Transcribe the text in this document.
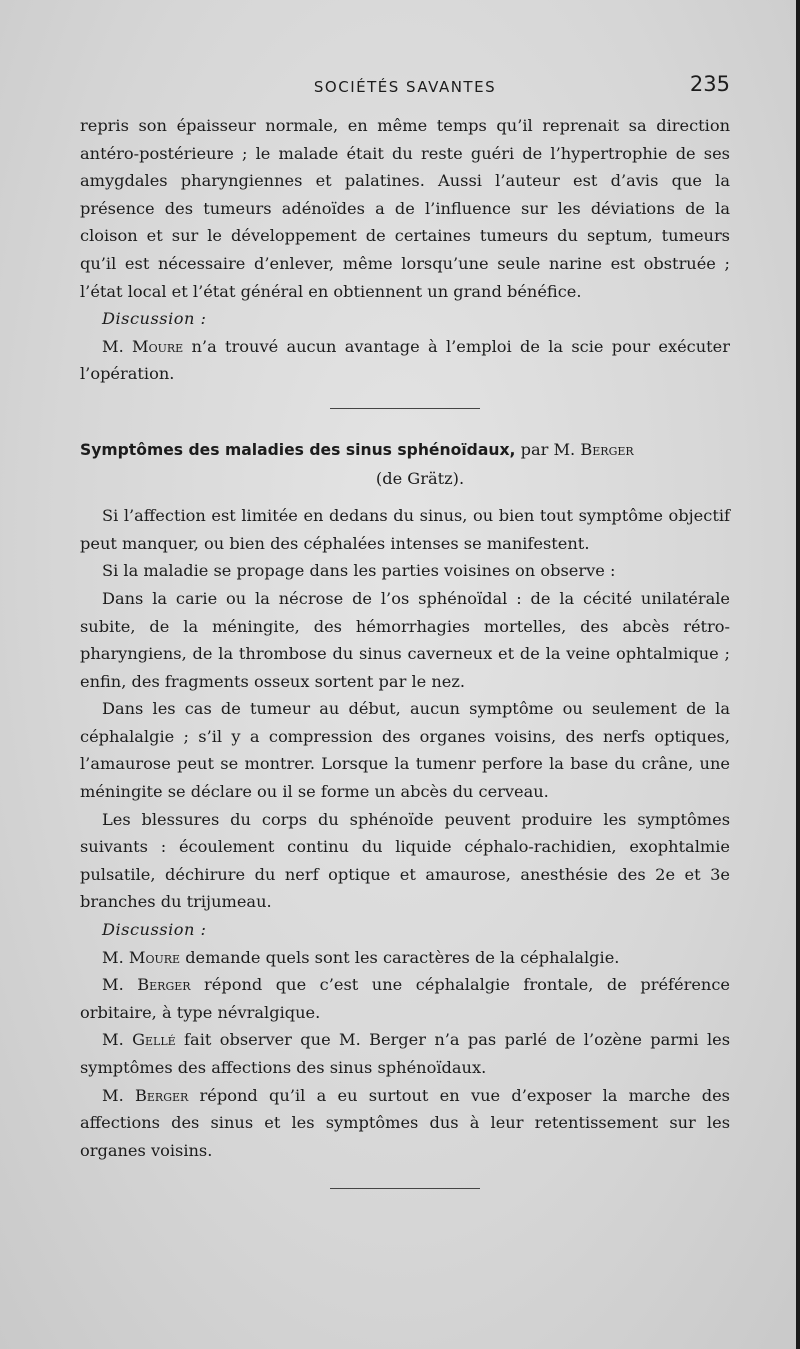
SOCIÉTÉS SAVANTES	235

repris son épaisseur normale, en même temps qu’il reprenait sa direction antéro-postérieure ; le malade était du reste guéri de l’hypertrophie de ses amygdales pharyngiennes et palatines. Aussi l’auteur est d’avis que la présence des tumeurs adénoïdes a de l’influence sur les déviations de la cloison et sur le développement de certaines tumeurs du septum, tumeurs qu’il est nécessaire d’enlever, même lorsqu’une seule narine est obstruée ; l’état local et l’état général en obtiennent un grand bénéfice.

Discussion :

M. Moure n’a trouvé aucun avantage à l’emploi de la scie pour exécuter l’opération.

Symptômes des maladies des sinus sphénoïdaux, par M. Berger

(de Grätz).

Si l’affection est limitée en dedans du sinus, ou bien tout symptôme objectif peut manquer, ou bien des céphalées intenses se manifestent.

Si la maladie se propage dans les parties voisines on observe :

Dans la carie ou la nécrose de l’os sphénoïdal : de la cécité unilatérale subite, de la méningite, des hémorrhagies mortelles, des abcès rétro-pharyngiens, de la thrombose du sinus caverneux et de la veine ophtalmique ; enfin, des fragments osseux sortent par le nez.

Dans les cas de tumeur au début, aucun symptôme ou seulement de la céphalalgie ; s’il y a compression des organes voisins, des nerfs optiques, l’amaurose peut se montrer. Lorsque la tumenr perfore la base du crâne, une méningite se déclare ou il se forme un abcès du cerveau.

Les blessures du corps du sphénoïde peuvent produire les symptômes suivants : écoulement continu du liquide céphalo-rachidien, exophtalmie pulsatile, déchirure du nerf optique et amaurose, anesthésie des 2e et 3e branches du trijumeau.

Discussion :

M. Moure demande quels sont les caractères de la céphalalgie.

M. Berger répond que c’est une céphalalgie frontale, de préférence orbitaire, à type névralgique.

M. Gellé fait observer que M. Berger n’a pas parlé de l’ozène parmi les symptômes des affections des sinus sphénoïdaux.

M. Berger répond qu’il a eu surtout en vue d’exposer la marche des affections des sinus et les symptômes dus à leur retentissement sur les organes voisins.
